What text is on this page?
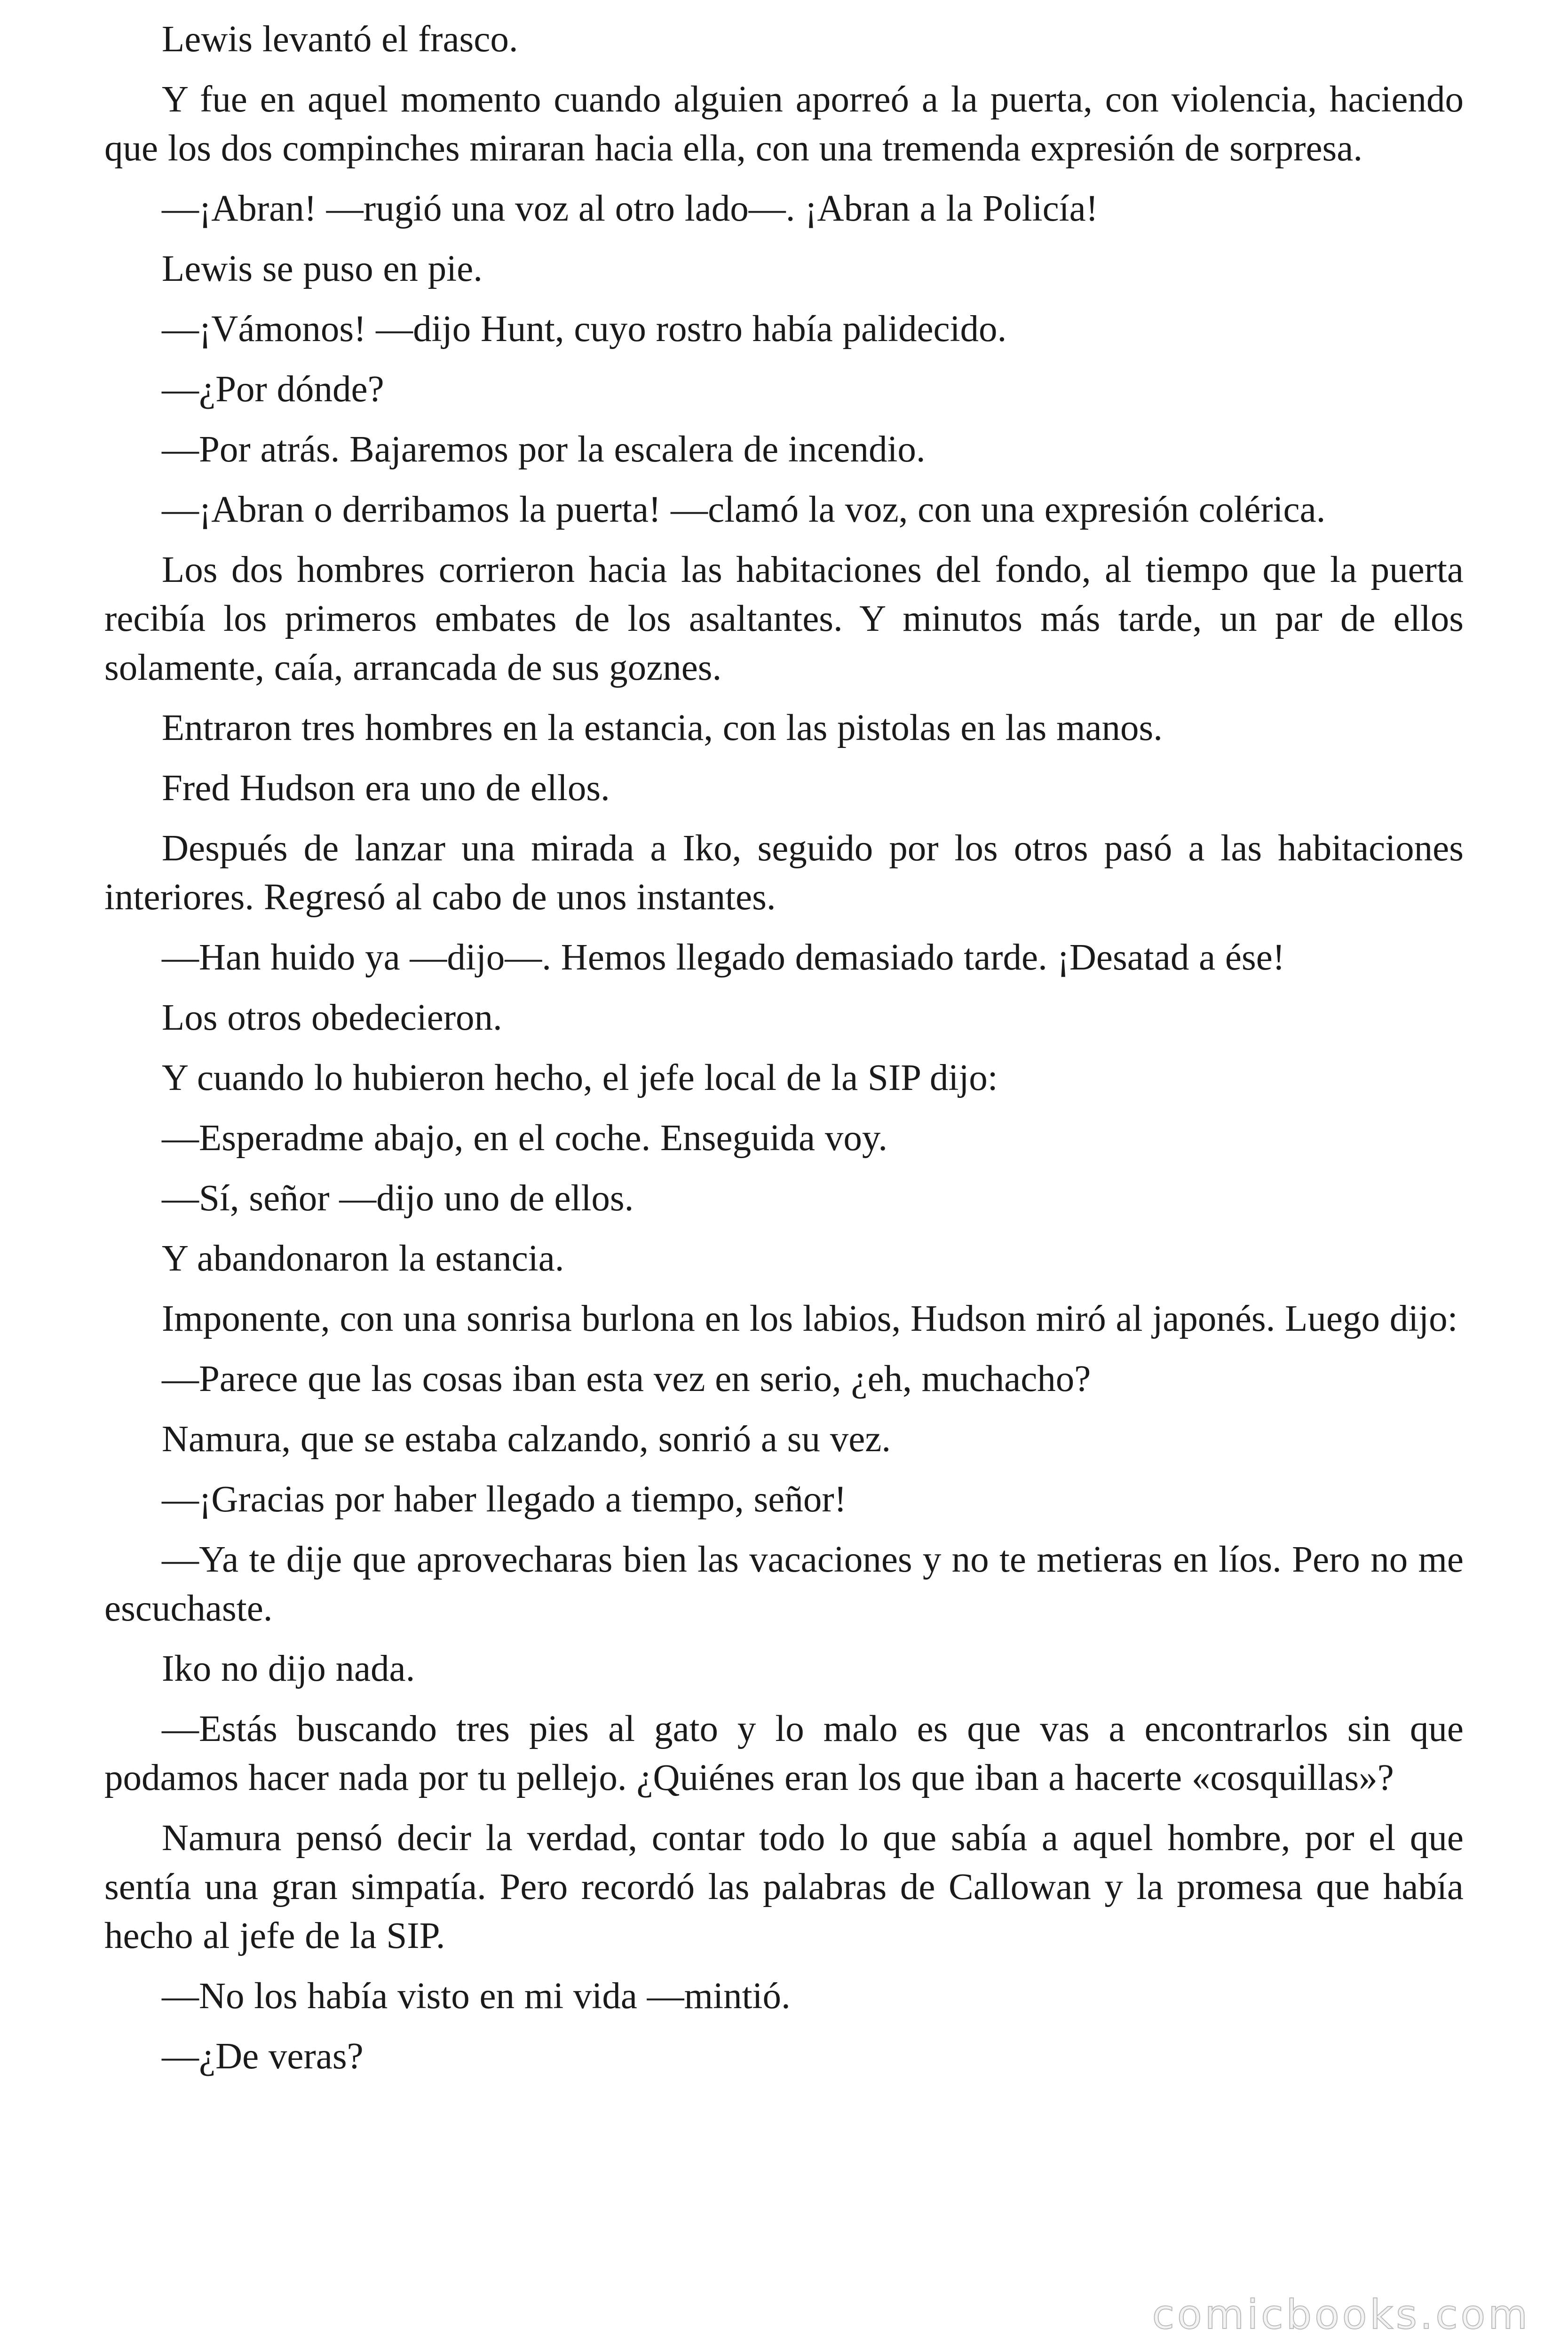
Lewis levantó el frasco.

Y fue en aquel momento cuando alguien aporreó a la puerta, con violencia, haciendo que los dos compinches miraran hacia ella, con una tremenda expresión de sorpresa.

—¡Abran! —rugió una voz al otro lado—. ¡Abran a la Policía!

Lewis se puso en pie.

—¡Vámonos! —dijo Hunt, cuyo rostro había palidecido.

—¿Por dónde?

—Por atrás. Bajaremos por la escalera de incendio.

—¡Abran o derribamos la puerta! —clamó la voz, con una expresión colérica.

Los dos hombres corrieron hacia las habitaciones del fondo, al tiempo que la puerta recibía los primeros embates de los asaltantes. Y minutos más tarde, un par de ellos solamente, caía, arrancada de sus goznes.

Entraron tres hombres en la estancia, con las pistolas en las manos.

Fred Hudson era uno de ellos.

Después de lanzar una mirada a Iko, seguido por los otros pasó a las habitaciones interiores. Regresó al cabo de unos instantes.

—Han huido ya —dijo—. Hemos llegado demasiado tarde. ¡Desatad a ése!

Los otros obedecieron.

Y cuando lo hubieron hecho, el jefe local de la SIP dijo:

—Esperadme abajo, en el coche. Enseguida voy.

—Sí, señor —dijo uno de ellos.

Y abandonaron la estancia.

Imponente, con una sonrisa burlona en los labios, Hudson miró al japonés. Luego dijo:

—Parece que las cosas iban esta vez en serio, ¿eh, muchacho?

Namura, que se estaba calzando, sonrió a su vez.

—¡Gracias por haber llegado a tiempo, señor!

—Ya te dije que aprovecharas bien las vacaciones y no te metieras en líos. Pero no me escuchaste.

Iko no dijo nada.

—Estás buscando tres pies al gato y lo malo es que vas a encontrarlos sin que podamos hacer nada por tu pellejo. ¿Quiénes eran los que iban a hacerte «cosquillas»?

Namura pensó decir la verdad, contar todo lo que sabía a aquel hombre, por el que sentía una gran simpatía. Pero recordó las palabras de Callowan y la promesa que había hecho al jefe de la SIP.

—No los había visto en mi vida —mintió.

—¿De veras?

comicbooks.com
